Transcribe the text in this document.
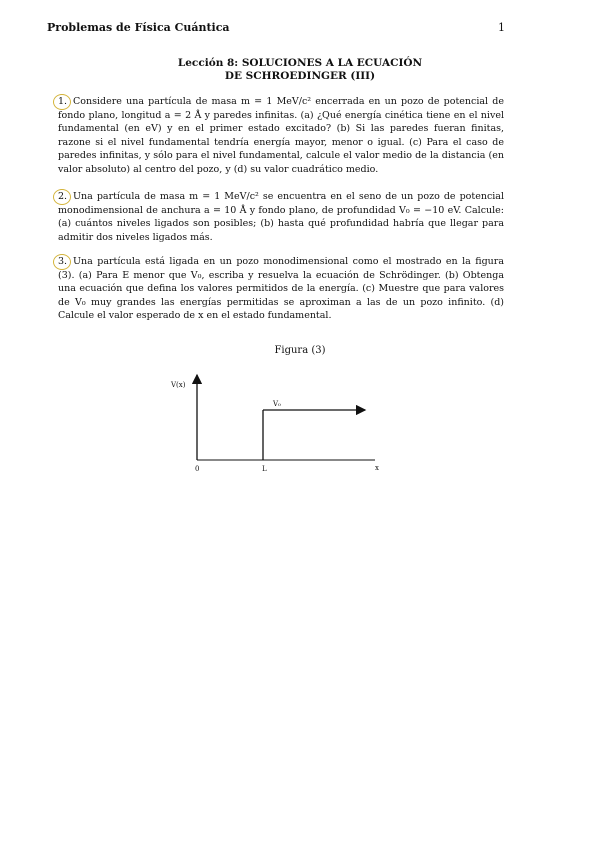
Problemas de Física Cuántica	1
Lección 8: SOLUCIONES A LA ECUACIÓN
DE SCHROEDINGER (III)
1. Considere una partícula de masa m = 1 MeV/c² encerrada en un pozo de potencial de fondo plano, longitud a = 2 Å y paredes infinitas. (a) ¿Qué energía cinética tiene en el nivel fundamental (en eV) y en el primer estado excitado? (b) Si las paredes fueran finitas, razone si el nivel fundamental tendría energía mayor, menor o igual. (c) Para el caso de paredes infinitas, y sólo para el nivel fundamental, calcule el valor medio de la distancia (en valor absoluto) al centro del pozo, y (d) su valor cuadrático medio.
2. Una partícula de masa m = 1 MeV/c² se encuentra en el seno de un pozo de potencial monodimensional de anchura a = 10 Å y fondo plano, de profundidad V₀ = −10 eV. Calcule: (a) cuántos niveles ligados son posibles; (b) hasta qué profundidad habría que llegar para admitir dos niveles ligados más.
3. Una partícula está ligada en un pozo monodimensional como el mostrado en la figura (3). (a) Para E menor que V₀, escriba y resuelva la ecuación de Schrödinger. (b) Obtenga una ecuación que defina los valores permitidos de la energía. (c) Muestre que para valores de V₀ muy grandes las energías permitidas se aproximan a las de un pozo infinito. (d) Calcule el valor esperado de x en el estado fundamental.
Figura (3)
V(x)
x
0	L
V₀
